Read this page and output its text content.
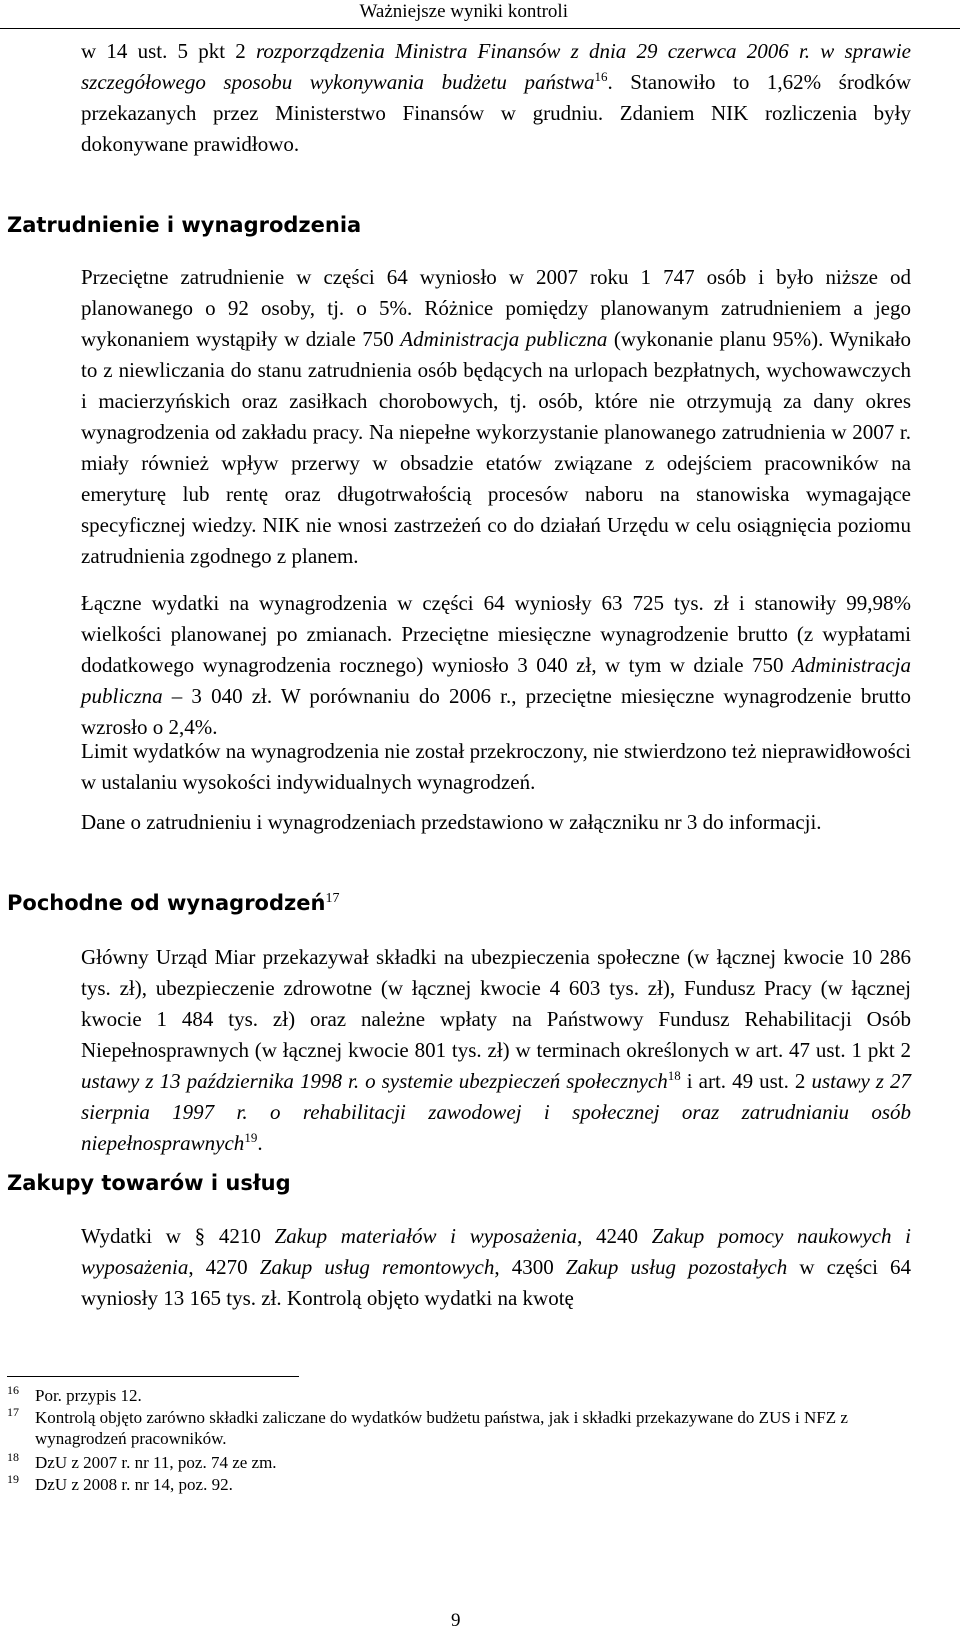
Ważniejsze wyniki kontroli

w 14 ust. 5 pkt 2 rozporządzenia Ministra Finansów z dnia 29 czerwca 2006 r. w sprawie szczegółowego sposobu wykonywania budżetu państwa$^{16}$. Stanowiło to 1,62% środków przekazanych przez Ministerstwo Finansów w grudniu. Zdaniem NIK rozliczenia były dokonywane prawidłowo.

Zatrudnienie i wynagrodzenia

Przeciętne zatrudnienie w części 64 wyniosło w 2007 roku 1 747 osób i było niższe od planowanego o 92 osoby, tj. o 5%. Różnice pomiędzy planowanym zatrudnieniem a jego wykonaniem wystąpiły w dziale 750 Administracja publiczna (wykonanie planu 95%). Wynikało to z niewliczania do stanu zatrudnienia osób będących na urlopach bezpłatnych, wychowawczych i macierzyńskich oraz zasiłkach chorobowych, tj. osób, które nie otrzymują za dany okres wynagrodzenia od zakładu pracy. Na niepełne wykorzystanie planowanego zatrudnienia w 2007 r. miały również wpływ przerwy w obsadzie etatów związane z odejściem pracowników na emeryturę lub rentę oraz długotrwałością procesów naboru na stanowiska wymagające specyficznej wiedzy. NIK nie wnosi zastrzeżeń co do działań Urzędu w celu osiągnięcia poziomu zatrudnienia zgodnego z planem.

Łączne wydatki na wynagrodzenia w części 64 wyniosły 63 725 tys. zł i stanowiły 99,98% wielkości planowanej po zmianach. Przeciętne miesięczne wynagrodzenie brutto (z wypłatami dodatkowego wynagrodzenia rocznego) wyniosło 3 040 zł, w tym w dziale 750 Administracja publiczna – 3 040 zł. W porównaniu do 2006 r., przeciętne miesięczne wynagrodzenie brutto wzrosło o 2,4%.

Limit wydatków na wynagrodzenia nie został przekroczony, nie stwierdzono też nieprawidłowości w ustalaniu wysokości indywidualnych wynagrodzeń.

Dane o zatrudnieniu i wynagrodzeniach przedstawiono w załączniku nr 3 do informacji.

Pochodne od wynagrodzeń$^{17}$

Główny Urząd Miar przekazywał składki na ubezpieczenia społeczne (w łącznej kwocie 10 286 tys. zł), ubezpieczenie zdrowotne (w łącznej kwocie 4 603 tys. zł), Fundusz Pracy (w łącznej kwocie 1 484 tys. zł) oraz należne wpłaty na Państwowy Fundusz Rehabilitacji Osób Niepełnosprawnych (w łącznej kwocie 801 tys. zł) w terminach określonych w art. 47 ust. 1 pkt 2 ustawy z 13 października 1998 r. o systemie ubezpieczeń społecznych$^{18}$ i art. 49 ust. 2 ustawy z 27 sierpnia 1997 r. o rehabilitacji zawodowej i społecznej oraz zatrudnianiu osób niepełnosprawnych$^{19}$.

Zakupy towarów i usług

Wydatki w § 4210 Zakup materiałów i wyposażenia, 4240 Zakup pomocy naukowych i wyposażenia, 4270 Zakup usług remontowych, 4300 Zakup usług pozostałych w części 64 wyniosły 13 165 tys. zł. Kontrolą objęto wydatki na kwotę

16 Por. przypis 12.
17 Kontrolą objęto zarówno składki zaliczane do wydatków budżetu państwa, jak i składki przekazywane do ZUS i NFZ z wynagrodzeń pracowników.
18 DzU z 2007 r. nr 11, poz. 74 ze zm.
19 DzU z 2008 r. nr 14, poz. 92.
9
